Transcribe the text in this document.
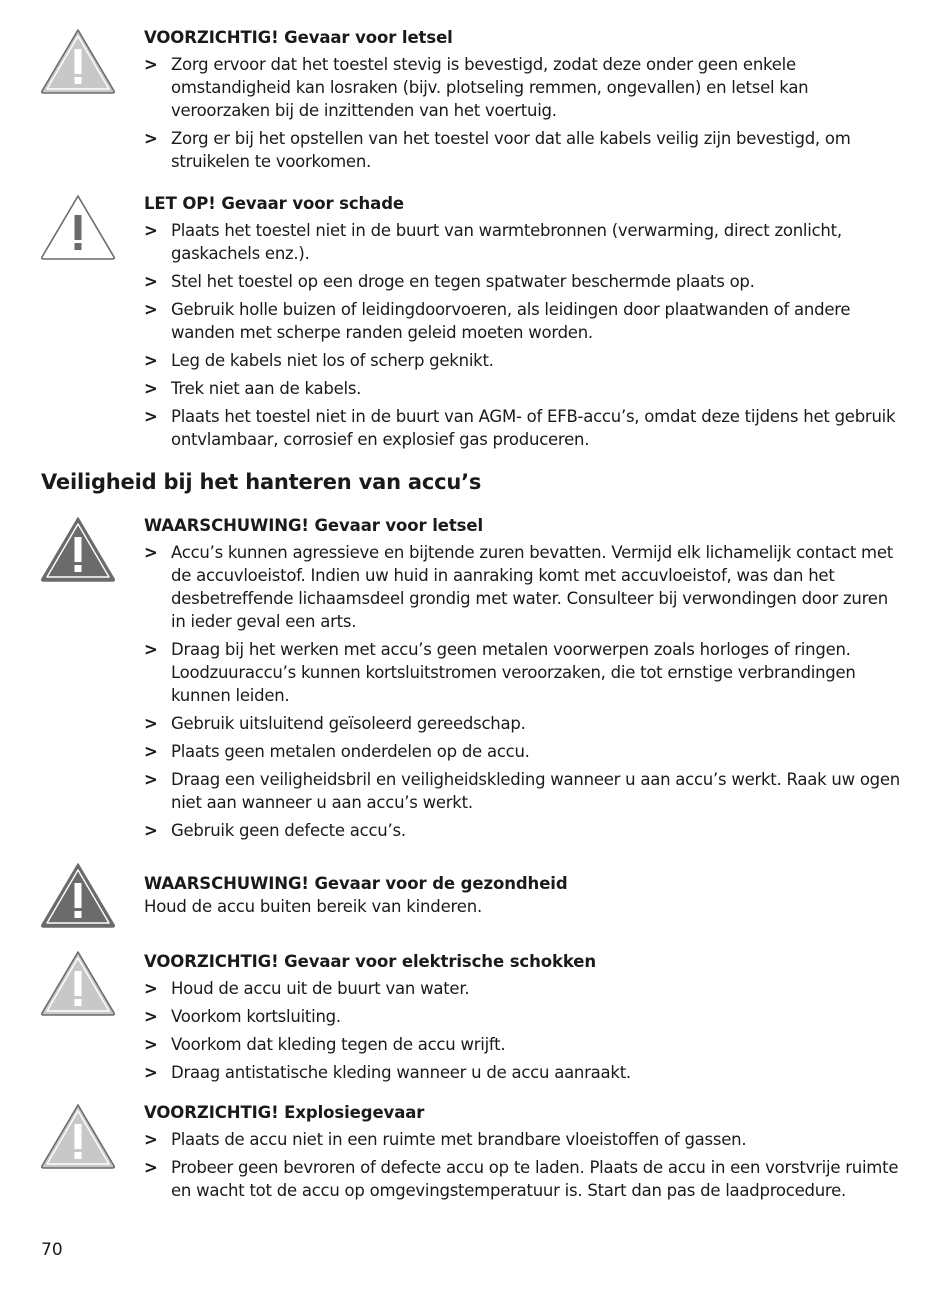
VOORZICHTIG! Gevaar voor letsel
> Zorg ervoor dat het toestel stevig is bevestigd, zodat deze onder geen enkele omstandigheid kan losraken (bijv. plotseling remmen, ongevallen) en letsel kan veroorzaken bij de inzittenden van het voertuig.
> Zorg er bij het opstellen van het toestel voor dat alle kabels veilig zijn bevestigd, om struikelen te voorkomen.
LET OP! Gevaar voor schade
> Plaats het toestel niet in de buurt van warmtebronnen (verwarming, direct zonlicht, gaskachels enz.).
> Stel het toestel op een droge en tegen spatwater beschermde plaats op.
> Gebruik holle buizen of leidingdoorvoeren, als leidingen door plaatwanden of andere wanden met scherpe randen geleid moeten worden.
> Leg de kabels niet los of scherp geknikt.
> Trek niet aan de kabels.
> Plaats het toestel niet in de buurt van AGM- of EFB-accu’s, omdat deze tijdens het gebruik ontvlambaar, corrosief en explosief gas produceren.
Veiligheid bij het hanteren van accu’s
WAARSCHUWING! Gevaar voor letsel
> Accu’s kunnen agressieve en bijtende zuren bevatten. Vermijd elk lichamelijk contact met de accuvloeistof. Indien uw huid in aanraking komt met accuvloeistof, was dan het desbetreffende lichaamsdeel grondig met water. Consulteer bij verwondingen door zuren in ieder geval een arts.
> Draag bij het werken met accu’s geen metalen voorwerpen zoals horloges of ringen. Loodzuuraccu’s kunnen kortsluitstromen veroorzaken, die tot ernstige verbrandingen kunnen leiden.
> Gebruik uitsluitend geïsoleerd gereedschap.
> Plaats geen metalen onderdelen op de accu.
> Draag een veiligheidsbril en veiligheidskleding wanneer u aan accu’s werkt. Raak uw ogen niet aan wanneer u aan accu’s werkt.
> Gebruik geen defecte accu’s.
WAARSCHUWING! Gevaar voor de gezondheid

Houd de accu buiten bereik van kinderen.

VOORZICHTIG! Gevaar voor elektrische schokken
> Houd de accu uit de buurt van water.
> Voorkom kortsluiting.
> Voorkom dat kleding tegen de accu wrijft.
> Draag antistatische kleding wanneer u de accu aanraakt.
VOORZICHTIG! Explosiegevaar
> Plaats de accu niet in een ruimte met brandbare vloeistoffen of gassen.
> Probeer geen bevroren of defecte accu op te laden. Plaats de accu in een vorstvrije ruimte en wacht tot de accu op omgevingstemperatuur is. Start dan pas de laadprocedure.
70
